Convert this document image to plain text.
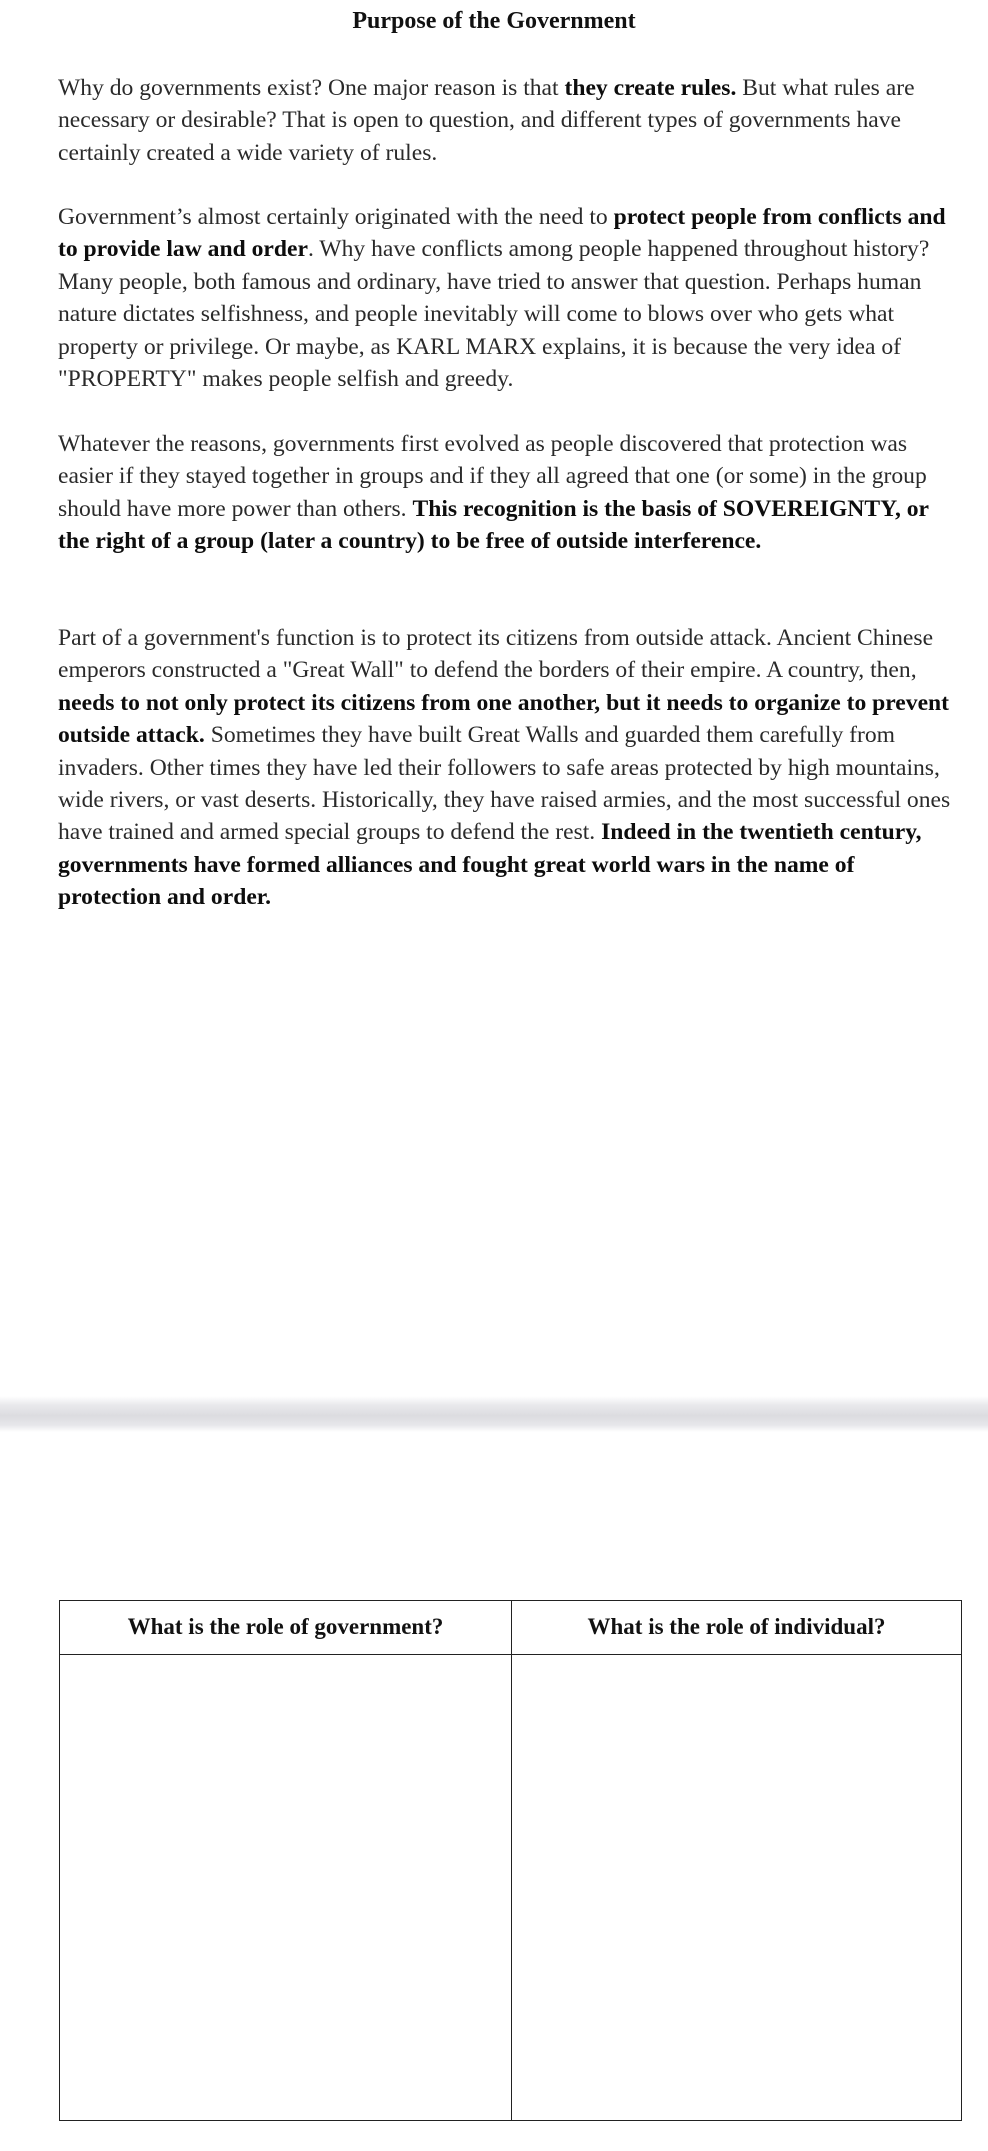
Purpose of the Government

Why do governments exist? One major reason is that they create rules. But what rules are necessary or desirable? That is open to question, and different types of governments have certainly created a wide variety of rules.

Government’s almost certainly originated with the need to protect people from conflicts and to provide law and order. Why have conflicts among people happened throughout history? Many people, both famous and ordinary, have tried to answer that question. Perhaps human nature dictates selfishness, and people inevitably will come to blows over who gets what property or privilege. Or maybe, as KARL MARX explains, it is because the very idea of "PROPERTY" makes people selfish and greedy.

Whatever the reasons, governments first evolved as people discovered that protection was easier if they stayed together in groups and if they all agreed that one (or some) in the group should have more power than others. This recognition is the basis of SOVEREIGNTY, or the right of a group (later a country) to be free of outside interference.

Part of a government's function is to protect its citizens from outside attack. Ancient Chinese emperors constructed a "Great Wall" to defend the borders of their empire. A country, then, needs to not only protect its citizens from one another, but it needs to organize to prevent outside attack. Sometimes they have built Great Walls and guarded them carefully from invaders. Other times they have led their followers to safe areas protected by high mountains, wide rivers, or vast deserts. Historically, they have raised armies, and the most successful ones have trained and armed special groups to defend the rest. Indeed in the twentieth century, governments have formed alliances and fought great world wars in the name of protection and order.

What is the role of government?	What is the role of individual?
